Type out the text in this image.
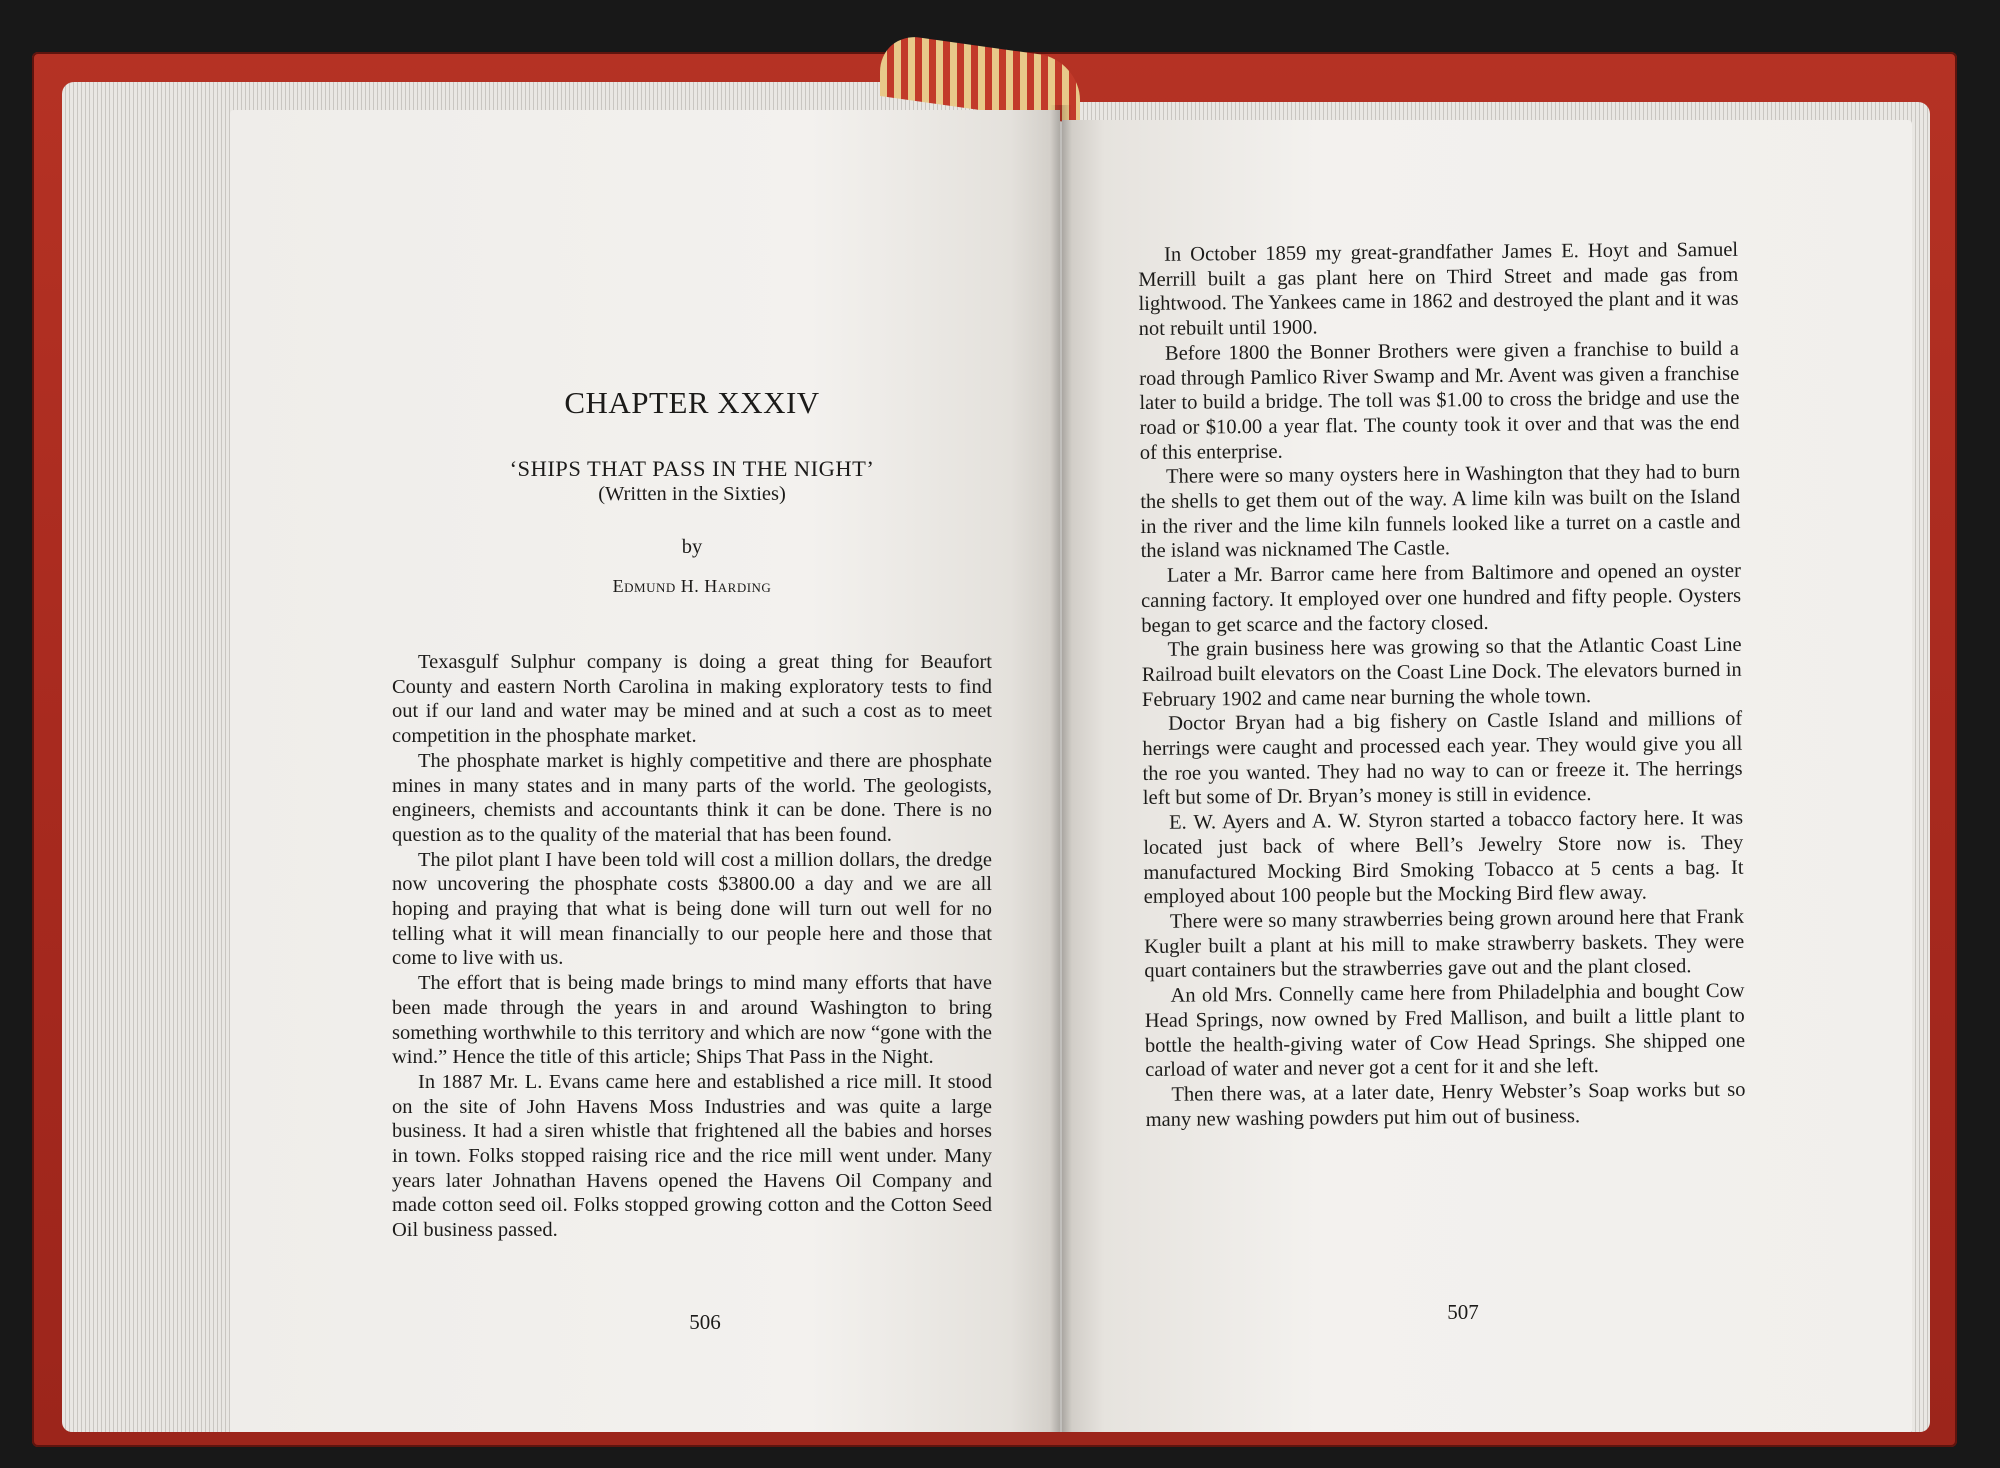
CHAPTER XXXIV
‘SHIPS THAT PASS IN THE NIGHT’
(Written in the Sixties)
by
Edmund H. Harding

Texasgulf Sulphur company is doing a great thing for Beaufort County and eastern North Carolina in making exploratory tests to find out if our land and water may be mined and at such a cost as to meet competition in the phosphate market.

The phosphate market is highly competitive and there are phosphate mines in many states and in many parts of the world. The geologists, engineers, chemists and accountants think it can be done. There is no question as to the quality of the material that has been found.

The pilot plant I have been told will cost a million dollars, the dredge now uncovering the phosphate costs $3800.00 a day and we are all hoping and praying that what is being done will turn out well for no telling what it will mean financially to our people here and those that come to live with us.

The effort that is being made brings to mind many efforts that have been made through the years in and around Washington to bring something worthwhile to this territory and which are now “gone with the wind.” Hence the title of this article; Ships That Pass in the Night.

In 1887 Mr. L. Evans came here and established a rice mill. It stood on the site of John Havens Moss Industries and was quite a large business. It had a siren whistle that frightened all the babies and horses in town. Folks stopped raising rice and the rice mill went under. Many years later Johnathan Havens opened the Havens Oil Company and made cotton seed oil. Folks stopped growing cotton and the Cotton Seed Oil business passed.

506

In October 1859 my great-grandfather James E. Hoyt and Samuel Merrill built a gas plant here on Third Street and made gas from lightwood. The Yankees came in 1862 and destroyed the plant and it was not rebuilt until 1900.

Before 1800 the Bonner Brothers were given a franchise to build a road through Pamlico River Swamp and Mr. Avent was given a franchise later to build a bridge. The toll was $1.00 to cross the bridge and use the road or $10.00 a year flat. The county took it over and that was the end of this enterprise.

There were so many oysters here in Washington that they had to burn the shells to get them out of the way. A lime kiln was built on the Island in the river and the lime kiln funnels looked like a turret on a castle and the island was nicknamed The Castle.

Later a Mr. Barror came here from Baltimore and opened an oyster canning factory. It employed over one hundred and fifty people. Oysters began to get scarce and the factory closed.

The grain business here was growing so that the Atlantic Coast Line Railroad built elevators on the Coast Line Dock. The elevators burned in February 1902 and came near burning the whole town.

Doctor Bryan had a big fishery on Castle Island and millions of herrings were caught and processed each year. They would give you all the roe you wanted. They had no way to can or freeze it. The herrings left but some of Dr. Bryan’s money is still in evidence.

E. W. Ayers and A. W. Styron started a tobacco factory here. It was located just back of where Bell’s Jewelry Store now is. They manufactured Mocking Bird Smoking Tobacco at 5 cents a bag. It employed about 100 people but the Mocking Bird flew away.

There were so many strawberries being grown around here that Frank Kugler built a plant at his mill to make strawberry baskets. They were quart containers but the strawberries gave out and the plant closed.

An old Mrs. Connelly came here from Philadelphia and bought Cow Head Springs, now owned by Fred Mallison, and built a little plant to bottle the health-giving water of Cow Head Springs. She shipped one carload of water and never got a cent for it and she left.

Then there was, at a later date, Henry Webster’s Soap works but so many new washing powders put him out of business.

507
